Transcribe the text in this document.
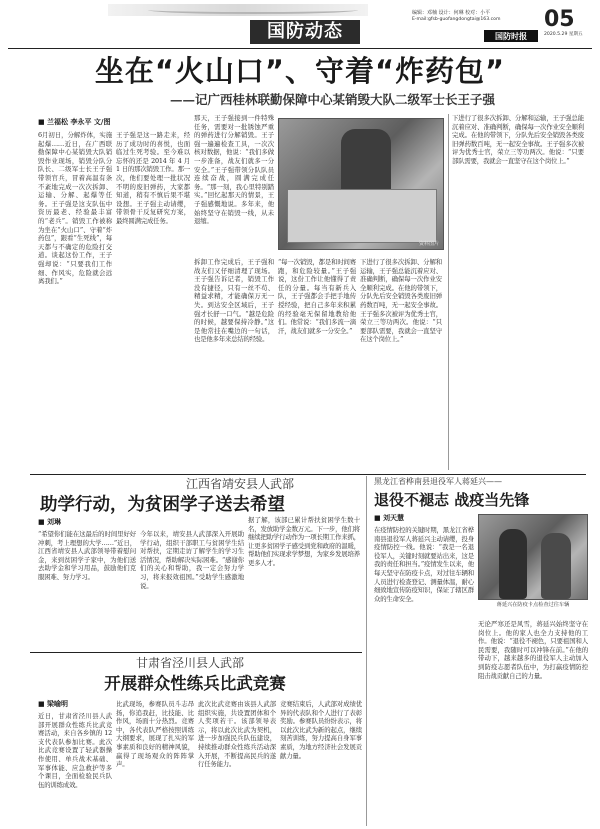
国防动态
编辑：邓楠 设计：何琳 校对：小平
E-mail:gfsb-guofangdongtai@163.com
国防时报
05
2020.5.29 星期五
坐在“火山口”、守着“炸药包”
——记广西桂林联勤保障中心某销毁大队二级军士长王子强
■ 兰福松 李永平 文/图
6月初日，分解炸体，实施起爆……近日，在广西联勤保障中心某销毁大队销毁作业现场，销毁分队分队长、二级军士长王子强带领官兵，冒着高温有条不紊地完成一次次拆卸、运输、分解、起爆等任务。王子强是这支队伍中资历最老、经验最丰富的“老兵”。销毁工作被称为坐在“火山口”、守着“炸药包”，跟看“生死线”，每天都与不确定的危险打交道。谈起这份工作，王子强却说：“只要我们工作细、作风实，危险就会远离我们。”
王子强是这一路走来，经历了成功时的喜悦，也面临过生死考验。至今难以忘怀的还是 2014 年 4 月 1 日的那次销毁工作。那一次，他们要处理一批状况不明的废旧弹药，大家都知道，稍有不慎后果不堪设想。王子强主动请缨，带领骨干反复研究方案，最终圆满完成任务。
那天，王子强接到一件特殊任务，需要对一批锈蚀严重的弹药进行分解销毁。王子强一遍遍检查工具，一次次核对数据，他说：“我们多做一步准备，战友们就多一分安全。”王子强带领分队队员连续奋战，圆满完成任务。“那一刻，我心里特别踏实。”回忆起那天的情景，王子强感慨地说。多年来，他始终坚守在销毁一线，从未退缩。
资料图片
拆卸工作完成后，王子强和战友们又仔细清理了现场。王子强告诉记者，销毁工作没有捷径，只有一丝不苟、精益求精，才能确保万无一失。到达安全区域后，王子强才长舒一口气。“越是危险的时候，越要保持冷静。”这是他常挂在嘴边的一句话，也是他多年来总结的经验。
“每一次销毁，都是和时间赛跑，和危险较量。”王子强说，这份工作让他懂得了责任的分量。每当有新兵入队，王子强都会手把手地传授经验，把自己多年来积累的经验毫无保留地教给他们。他常说：“我们多流一滴汗，战友们就多一分安全。”
下进行了很多次拆卸、分解和运输，王子强总能沉着应对、准确判断，确保每一次作业安全顺利完成。在他的带领下，分队先后安全销毁各类废旧弹药数百吨，无一起安全事故。王子强多次被评为优秀士官，荣立三等功两次。他说：“只要部队需要，我就会一直坚守在这个岗位上。”
下进行了很多次拆卸、分解和运输，王子强总能沉着应对、准确判断，确保每一次作业安全顺利完成。在他的带领下，分队先后安全销毁各类废旧弹药数百吨，无一起安全事故。王子强多次被评为优秀士官，荣立三等功两次。他说：“只要部队需要，我就会一直坚守在这个岗位上。”
江西省靖安县人武部
助学行动，为贫困学子送去希望
■ 刘琳
“希望你们能在这最后的时间里好好冲刺，考上理想的大学……”近日，江西省靖安县人武部领导带着慰问金，来到贫困学子家中，为他们送去助学金和学习用品，鼓励他们克服困难、努力学习。
今年以来，靖安县人武部深入开展助学行动，组织干部职工与贫困学生结对帮扶，定期走访了解学生的学习生活情况，帮助解决实际困难。“感谢你们的关心和帮助，我一定会努力学习，将来报效祖国。”受助学生感激地说。
据了解，该部已累计帮扶贫困学生数十名，发放助学金数万元。下一步，他们将继续把助学行动作为一项长期工作来抓，让更多贫困学子感受到党和政府的温暖，帮助他们实现求学梦想，为家乡发展培养更多人才。
黑龙江省桦南县退役军人蒋延兴——
退役不褪志 战疫当先锋
■ 刘天慧
在疫情防控的关键时期，黑龙江省桦南县退役军人蒋延兴主动请缨，投身疫情防控一线。他说：“我是一名退役军人，关键时刻就要站出来，这是我的责任和担当。”疫情发生以来，他每天坚守在防疫卡点，对过往车辆和人员进行检查登记、测量体温，耐心细致地宣传防疫知识，保证了辖区群众的生命安全。
蒋延兴在防疫卡点检查过往车辆
无论严寒还是风雪，蒋延兴始终坚守在岗位上。他的家人也全力支持他的工作。他说：“退役不褪色，只要祖国和人民需要，我随时可以冲锋在前。”在他的带动下，越来越多的退役军人主动加入到防疫志愿者队伍中，为打赢疫情防控阻击战贡献自己的力量。
甘肃省泾川县人武部
开展群众性练兵比武竞赛
■ 梁喻明
近日，甘肃省泾川县人武部开展群众性练兵比武竞赛活动，来自各乡镇的 12 支代表队参加比赛。此次比武竞赛设置了轻武器操作使用、单兵战术基础、军事体能、应急救护等多个课目，全面检验民兵队伍的训练成效。
比武现场，参赛队员斗志昂扬，你追我赶，比技能、比作风，场面十分热烈。竞赛中，各代表队严格按照训练大纲要求，展现了扎实的军事素质和良好的精神风貌，赢得了现场观众的阵阵掌声。
此次比武竞赛由该县人武部组织实施，共设置团体和个人奖项若干。该部领导表示，将以此次比武为契机，进一步加强民兵队伍建设，持续推动群众性练兵活动深入开展，不断提高民兵的遂行任务能力。
竞赛结束后，人武部对成绩优异的代表队和个人进行了表彰奖励。参赛队员纷纷表示，将以此次比武为新的起点，继续刻苦训练，努力提高自身军事素质，为地方经济社会发展贡献力量。
